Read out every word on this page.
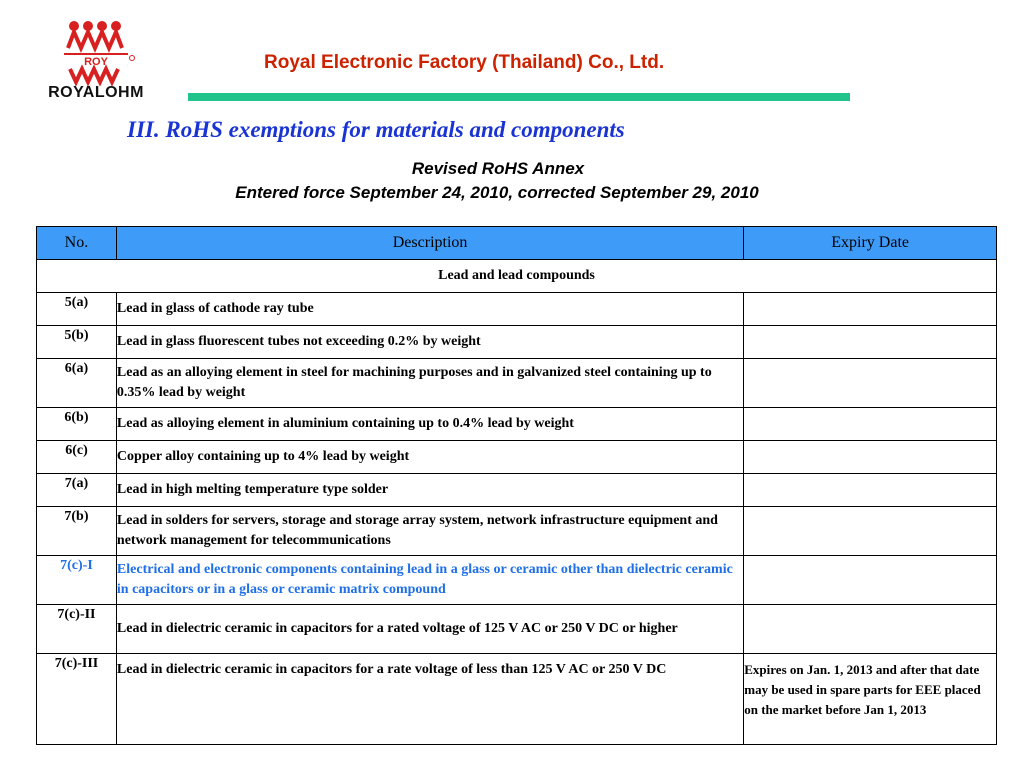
ROY
ROYALOHM
Royal Electronic Factory (Thailand) Co., Ltd.
III. RoHS exemptions for materials and components
Revised RoHS Annex
Entered force September 24, 2010, corrected September 29, 2010
No.	Description	Expiry Date
Lead and lead compounds		
5(a)	Lead in glass of cathode ray tube	
5(b)	Lead in glass fluorescent tubes not exceeding 0.2% by weight	
6(a)	Lead as an alloying element in steel for machining purposes and in galvanized steel containing up to 0.35% lead by weight	
6(b)	Lead as alloying element in aluminium containing up to 0.4% lead by weight	
6(c)	Copper alloy containing up to 4% lead by weight	
7(a)	Lead in high melting temperature type solder	
7(b)	Lead in solders for servers, storage and storage array system, network infrastructure equipment and network management for telecommunications	
7(c)-I	Electrical and electronic components containing lead in a glass or ceramic other than dielectric ceramic in capacitors or in a glass or ceramic matrix compound	
7(c)-II	Lead in dielectric ceramic in capacitors for a rated voltage of 125 V AC or 250 V DC or higher	
7(c)-III	Lead in dielectric ceramic in capacitors for a rate voltage of less than 125 V AC or 250 V DC	Expires on Jan. 1, 2013 and after that date may be used in spare parts for EEE placed on the market before Jan 1, 2013
